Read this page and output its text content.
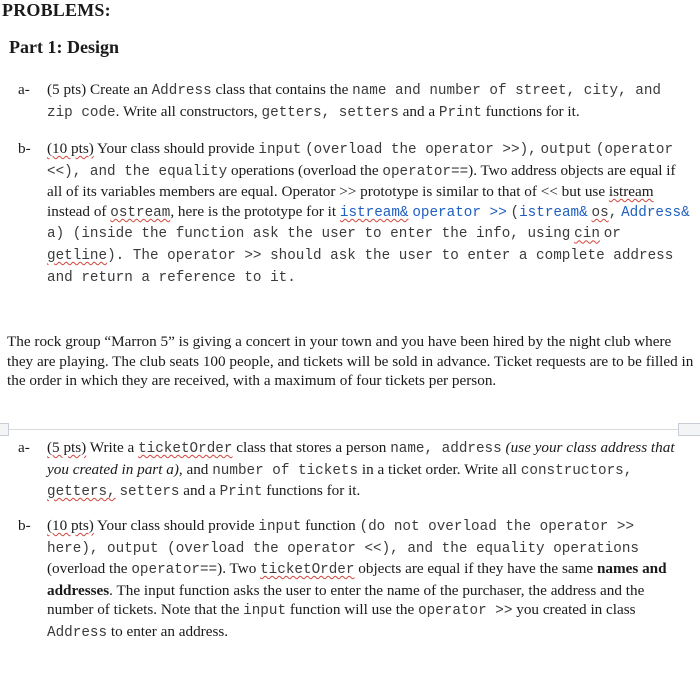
PROBLEMS:
Part 1: Design
a-	(5 pts) Create an Address class that contains the name and number of street, city, and zip code. Write all constructors, getters, setters and a Print functions for it.
b-	(10 pts) Your class should provide input (overload the operator >>), output (operator <<), and the equality operations (overload the operator==). Two address objects are equal if all of its variables members are equal. Operator >> prototype is similar to that of << but use istream instead of ostream, here is the prototype for it istream& operator >> (istream& os, Address& a) (inside the function ask the user to enter the info, using cin or getline). The operator >> should ask the user to enter a complete address and return a reference to it.
The rock group “Marron 5” is giving a concert in your town and you have been hired by the night club where they are playing. The club seats 100 people, and tickets will be sold in advance. Ticket requests are to be filled in the order in which they are received, with a maximum of four tickets per person.
a-	(5 pts) Write a ticketOrder class that stores a person name, address (use your class address that you created in part a), and number of tickets in a ticket order. Write all constructors, getters, setters and a Print functions for it.
b-	(10 pts) Your class should provide input function (do not overload the operator >> here), output (overload the operator <<), and the equality operations (overload the operator==). Two ticketOrder objects are equal if they have the same names and addresses. The input function asks the user to enter the name of the purchaser, the address and the number of tickets. Note that the input function will use the operator >> you created in class Address to enter an address.
